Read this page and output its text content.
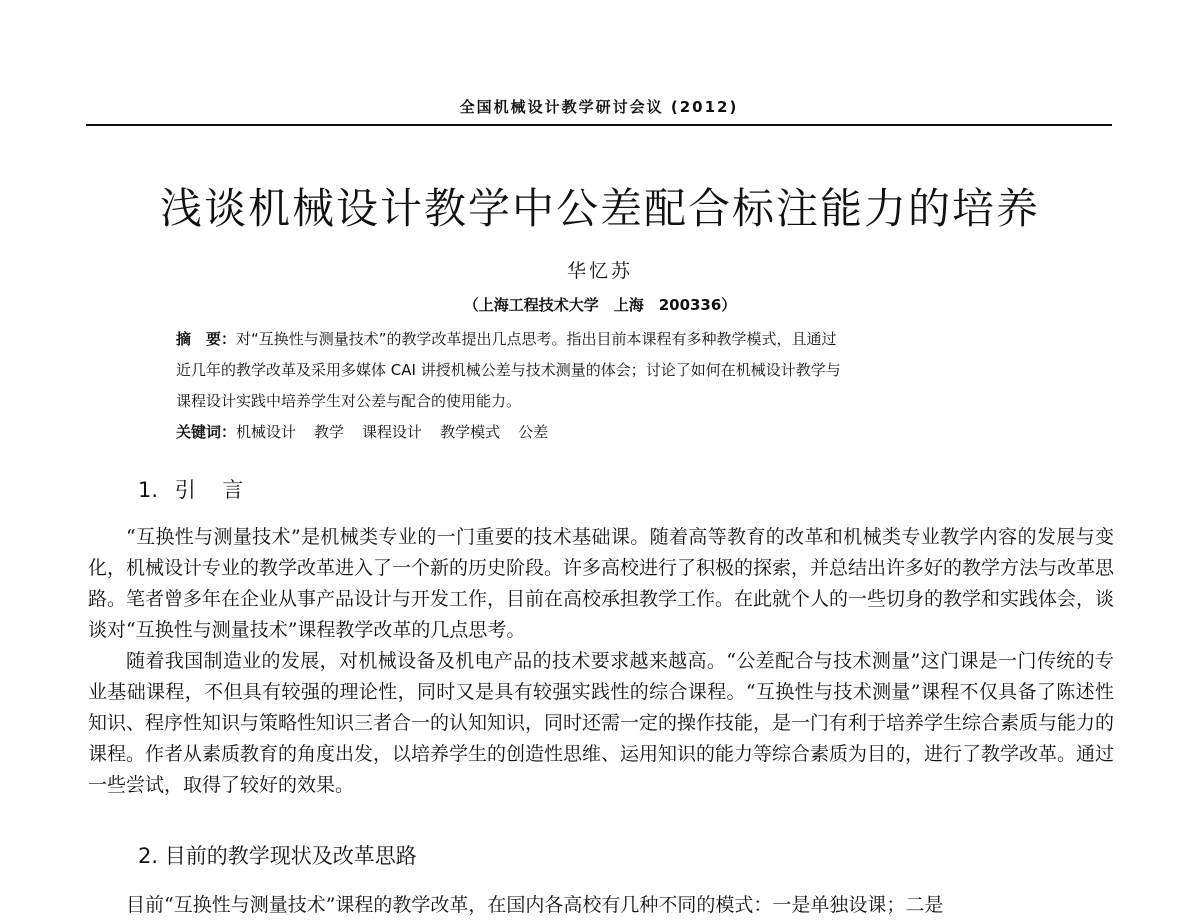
全国机械设计教学研讨会议 (2012)
浅谈机械设计教学中公差配合标注能力的培养
华忆苏
（上海工程技术大学　上海　200336）
摘　要：对“互换性与测量技术”的教学改革提出几点思考。指出目前本课程有多种教学模式，且通过
近几年的教学改革及采用多媒体 CAI 讲授机械公差与技术测量的体会；讨论了如何在机械设计教学与
课程设计实践中培养学生对公差与配合的使用能力。
关键词：机械设计 教学 课程设计 教学模式 公差
1. 引 言

“互换性与测量技术”是机械类专业的一门重要的技术基础课。随着高等教育的改革和机械类专业教学内容的发展与变化，机械设计专业的教学改革进入了一个新的历史阶段。许多高校进行了积极的探索，并总结出许多好的教学方法与改革思路。笔者曾多年在企业从事产品设计与开发工作，目前在高校承担教学工作。在此就个人的一些切身的教学和实践体会，谈谈对“互换性与测量技术”课程教学改革的几点思考。

随着我国制造业的发展，对机械设备及机电产品的技术要求越来越高。“公差配合与技术测量”这门课是一门传统的专业基础课程，不但具有较强的理论性，同时又是具有较强实践性的综合课程。“互换性与技术测量”课程不仅具备了陈述性知识、程序性知识与策略性知识三者合一的认知知识，同时还需一定的操作技能，是一门有利于培养学生综合素质与能力的课程。作者从素质教育的角度出发，以培养学生的创造性思维、运用知识的能力等综合素质为目的，进行了教学改革。通过一些尝试，取得了较好的效果。

2. 目前的教学现状及改革思路

目前“互换性与测量技术”课程的教学改革，在国内各高校有几种不同的模式：一是单独设课；二是
